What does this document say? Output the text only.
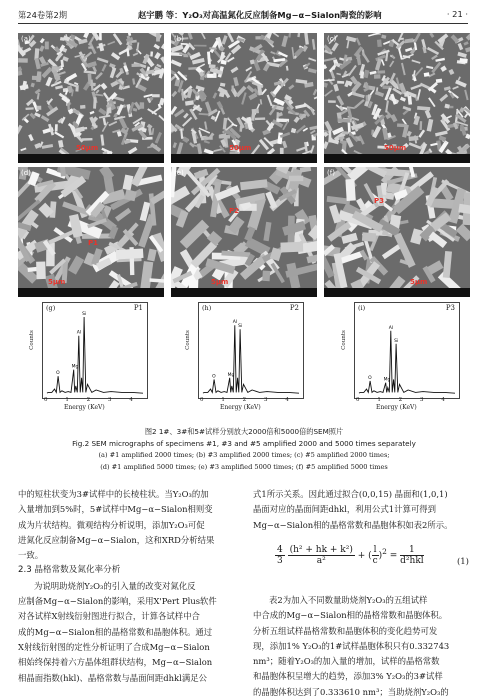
第24卷第2期	赵宇鹏 等：Y₂O₃对高温氮化反应制备Mg−α−Sialon陶瓷的影响	· 21 ·
(a)
50μm
(b)
50μm
(c)
50μm
(d)
P1
5μm
(e)
P2
5μm
(f)
P3
5μm
O
Mg
Al
Si
(g)	P1
Counts
Energy (KeV)
0	1	2	3	4
O	Mg
Al
Si
(h)	P2
Counts
Energy (KeV)
0	1	2	3	4
O	Mg
Al
Si
(i)	P3
Counts
Energy (KeV)
0	1	2	3	4
图2 1#、3#和5#试样分别放大2000倍和5000倍的SEM照片
Fig.2 SEM micrographs of specimens #1, #3 and #5 amplified 2000 and 5000 times separately
(a) #1 amplified 2000 times; (b) #3 amplified 2000 times; (c) #5 amplified 2000 times;
(d) #1 amplified 5000 times; (e) #3 amplified 5000 times; (f) #5 amplified 5000 times

中的短柱状变为3#试样中的长棱柱状。当Y₂O₃的加

入量增加到5%时，5#试样中Mg−α−Sialon相则变

成为片状结构。微观结构分析说明，添加Y₂O₃可促

进氮化反应制备Mg−α−Sialon，这和XRD分析结果

一致。

2.3 晶格常数及氮化率分析

为说明助烧剂Y₂O₃的引入量的改变对氮化反

应制备Mg−α−Sialon的影响，采用X'Pert Plus软件

对各试样X射线衍射图进行拟合，计算各试样中合

成的Mg−α−Sialon相的晶格常数和晶胞体积。通过

X射线衍射图的定性分析证明了合成Mg−α−Sialon

相始终保持着六方晶体组群状结构，Mg−α−Sialon

相晶面指数(hkl)、晶格常数与晶面间距dhkl满足公

式1所示关系。因此通过拟合(0,0,15) 晶面和(1,0,1)

晶面对应的晶面间距dhkl，利用公式1计算可得到

Mg−α−Sialon相的晶格常数和晶胞体积如表2所示。

$\frac{4}{3}$
$\frac{\text{(h² + hk + k²)}}{\text{a²}}$ + ( $\frac{l}{c} )^2 = \frac{1}{\text{d²hkl}}$	(1)

表2为加入不同数量助烧剂Y₂O₃的五组试样

中合成的Mg−α−Sialon相的晶格常数和晶胞体积。

分析五组试样晶格常数和晶胞体积的变化趋势可发

现，添加1% Y₂O₃的1#试样晶胞体积只有0.332743

nm³；随着Y₂O₃的加入量的增加，试样的晶格常数

和晶胞体积呈增大的趋势，添加3% Y₂O₃的3#试样

的晶胞体积达到了0.333610 nm³；当助烧剂Y₂O₃的
